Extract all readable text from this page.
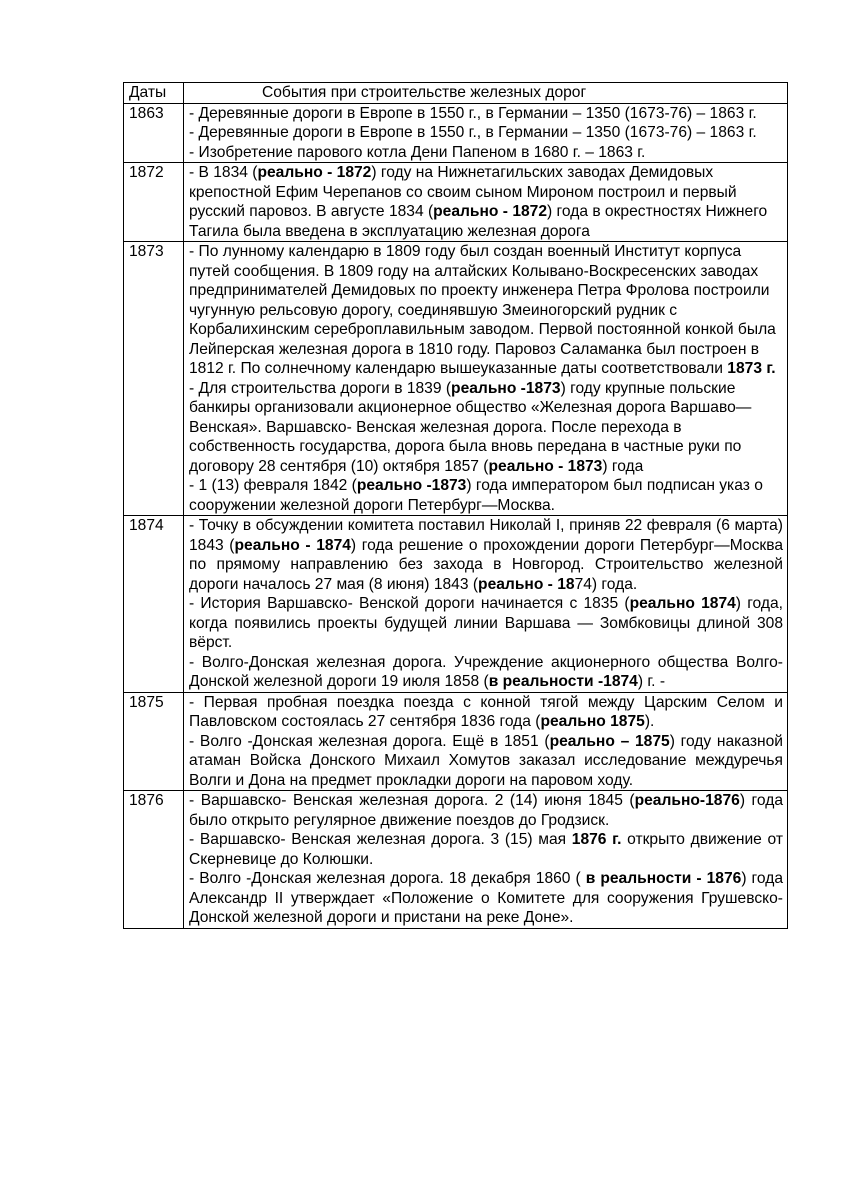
Даты	События при строительстве железных дорог
1863	- Деревянные дороги в Европе в 1550 г., в Германии – 1350 (1673-76) – 1863 г.
- Деревянные дороги в Европе в 1550 г., в Германии – 1350 (1673-76) – 1863 г.
- Изобретение парового котла Дени Папеном в 1680 г. – 1863 г.

1872	- В 1834 (реально - 1872) году на Нижнетагильских заводах Демидовых крепостной Ефим Черепанов со своим сыном Мироном построил и первый русский паровоз. В августе 1834 (реально - 1872) года в окрестностях Нижнего Тагила была введена в эксплуатацию железная дорога

1873	- По лунному календарю в 1809 году был создан военный Институт корпуса путей сообщения. В 1809 году на алтайских Колывано-Воскресенских заводах предпринимателей Демидовых по проекту инженера Петра Фролова построили чугунную рельсовую дорогу, соединявшую Змеиногорский рудник с Корбалихинским сереброплавильным заводом. Первой постоянной конкой была Лейперская железная дорога в 1810 году. Паровоз Саламанка был построен в 1812 г. По солнечному календарю вышеуказанные даты соответствовали 1873 г.
- Для строительства дороги в 1839 (реально -1873) году крупные польские банкиры организовали акционерное общество «Железная дорога Варшаво—Венская». Варшавско- Венская железная дорога. После перехода в собственность государства, дорога была вновь передана в частные руки по договору 28 сентября (10) октября 1857 (реально - 1873) года
- 1 (13) февраля 1842 (реально -1873) года императором был подписан указ о сооружении железной дороги Петербург—Москва.

1874	- Точку в обсуждении комитета поставил Николай I, приняв 22 февраля (6 марта) 1843 (реально - 1874) года решение о прохождении дороги Петербург—Москва по прямому направлению без захода в Новгород. Строительство железной дороги началось 27 мая (8 июня) 1843 (реально - 1874) года.
- История Варшавско- Венской дороги начинается с 1835 (реально 1874) года, когда появились проекты будущей линии Варшава — Зомбковицы длиной 308 вёрст.
- Волго-Донская железная дорога. Учреждение акционерного общества Волго-Донской железной дороги 19 июля 1858 (в реальности -1874) г. -

1875	- Первая пробная поездка поезда с конной тягой между Царским Селом и Павловском состоялась 27 сентября 1836 года (реально 1875).
- Волго -Донская железная дорога. Ещё в 1851 (реально – 1875) году наказной атаман Войска Донского Михаил Хомутов заказал исследование междуречья Волги и Дона на предмет прокладки дороги на паровом ходу.

1876	- Варшавско- Венская железная дорога. 2 (14) июня 1845 (реально-1876) года было открыто регулярное движение поездов до Гродзиск.
- Варшавско- Венская железная дорога. 3 (15) мая 1876 г. открыто движение от Скерневице до Колюшки.
- Волго -Донская железная дорога. 18 декабря 1860 ( в реальности - 1876) года Александр II утверждает «Положение о Комитете для сооружения Грушевско-Донской железной дороги и пристани на реке Доне».
